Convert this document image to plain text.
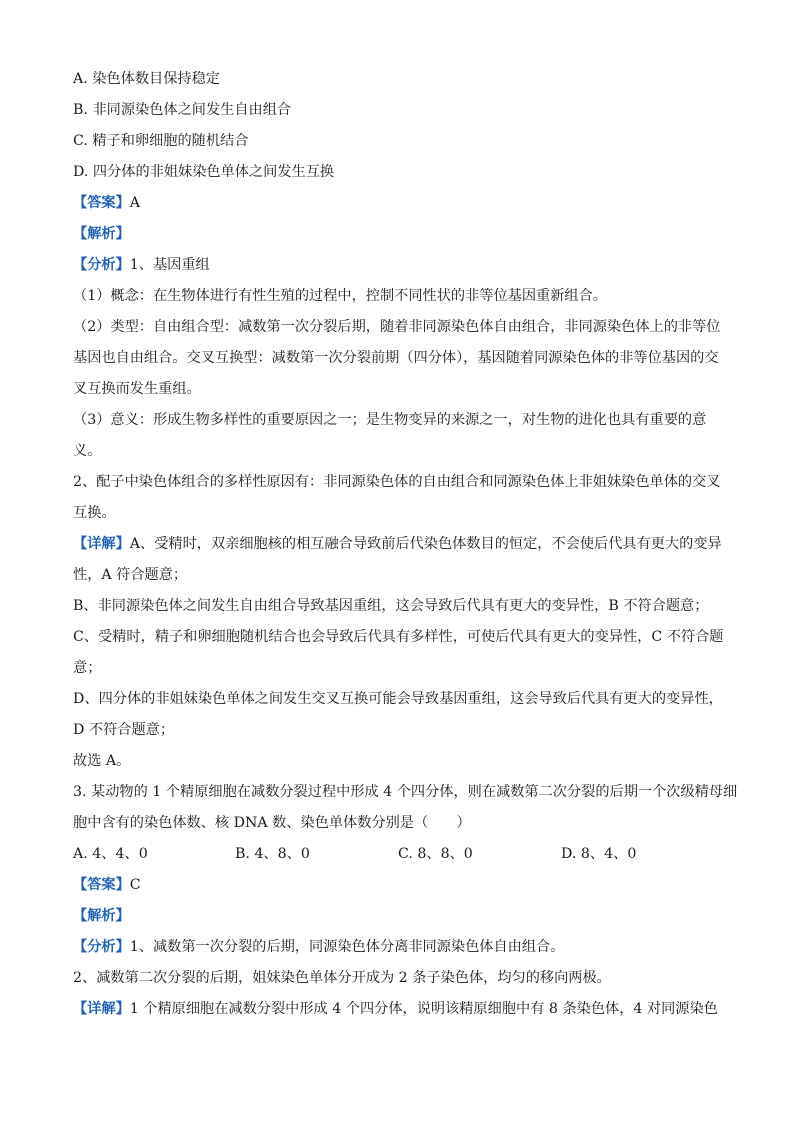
A. 染色体数目保持稳定
B. 非同源染色体之间发生自由组合
C. 精子和卵细胞的随机结合
D. 四分体的非姐妹染色单体之间发生互换
【答案】A
【解析】
【分析】1、基因重组
（1）概念：在生物体进行有性生殖的过程中，控制不同性状的非等位基因重新组合。
（2）类型：自由组合型：减数第一次分裂后期，随着非同源染色体自由组合，非同源染色体上的非等位
基因也自由组合。交叉互换型：减数第一次分裂前期（四分体），基因随着同源染色体的非等位基因的交
叉互换而发生重组。
（3）意义：形成生物多样性的重要原因之一；是生物变异的来源之一，对生物的进化也具有重要的意
义。
2、配子中染色体组合的多样性原因有：非同源染色体的自由组合和同源染色体上非姐妹染色单体的交叉
互换。
【详解】A、受精时，双亲细胞核的相互融合导致前后代染色体数目的恒定，不会使后代具有更大的变异
性，A 符合题意；
B、非同源染色体之间发生自由组合导致基因重组，这会导致后代具有更大的变异性，B 不符合题意；
C、受精时，精子和卵细胞随机结合也会导致后代具有多样性，可使后代具有更大的变异性，C 不符合题
意；
D、四分体的非姐妹染色单体之间发生交叉互换可能会导致基因重组，这会导致后代具有更大的变异性，
D 不符合题意；
故选 A。
3. 某动物的 1 个精原细胞在减数分裂过程中形成 4 个四分体，则在减数第二次分裂的后期一个次级精母细
胞中含有的染色体数、核 DNA 数、染色单体数分别是（　　）
A. 4、4、0	B. 4、8、0	C. 8、8、0	D. 8、4、0
【答案】C
【解析】
【分析】1、减数第一次分裂的后期，同源染色体分离非同源染色体自由组合。
2、减数第二次分裂的后期，姐妹染色单体分开成为 2 条子染色体，均匀的移向两极。
【详解】1 个精原细胞在减数分裂中形成 4 个四分体，说明该精原细胞中有 8 条染色体，4 对同源染色
